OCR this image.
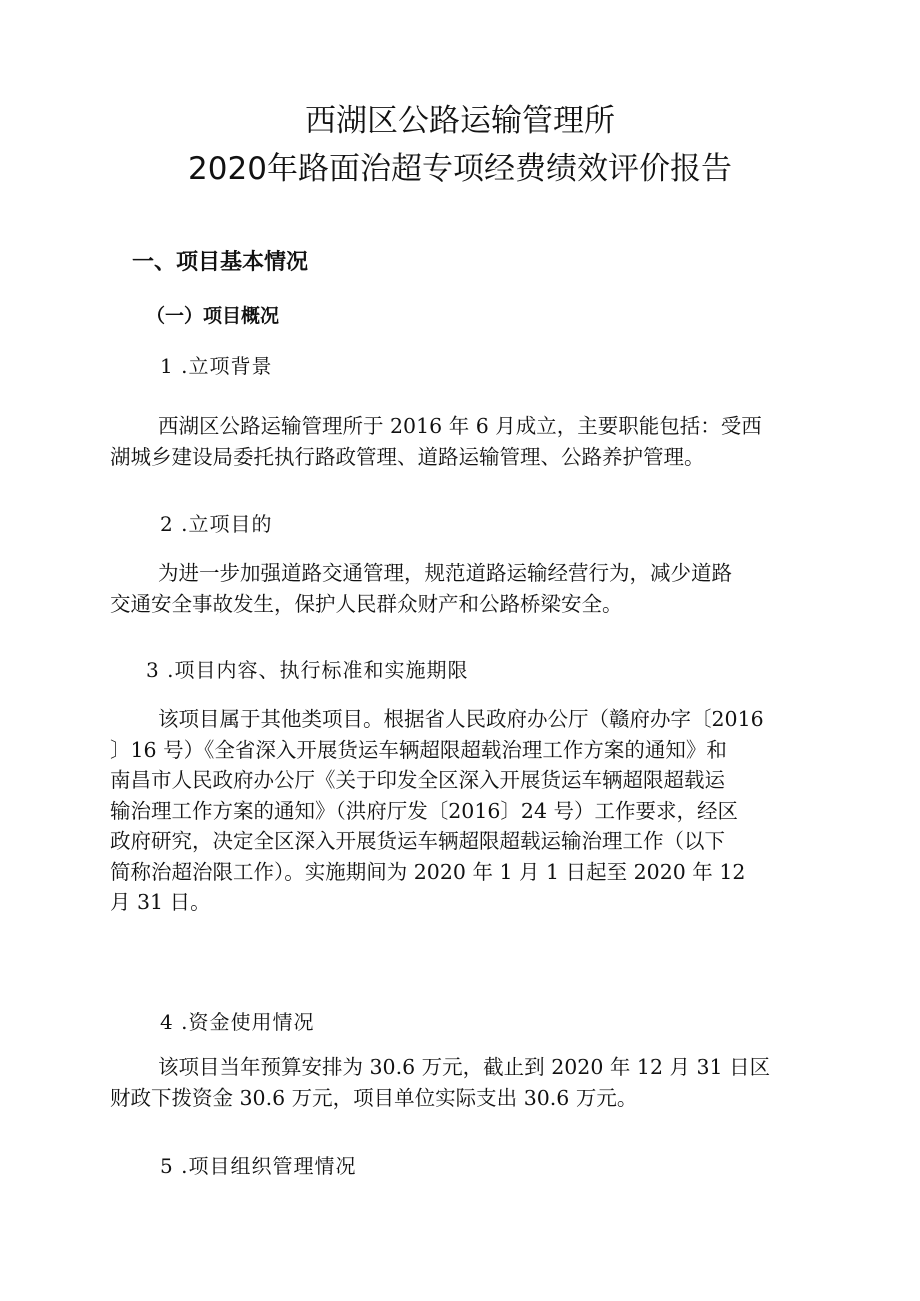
西湖区公路运输管理所
2020年路面治超专项经费绩效评价报告
一、项目基本情况
（一）项目概况
1 .立项背景
西湖区公路运输管理所于 2016 年 6 月成立，主要职能包括：受西
湖城乡建设局委托执行路政管理、道路运输管理、公路养护管理。
2 .立项目的
为进一步加强道路交通管理，规范道路运输经营行为，减少道路
交通安全事故发生，保护人民群众财产和公路桥梁安全。
3 .项目内容、执行标准和实施期限
该项目属于其他类项目。根据省人民政府办公厅（赣府办字〔2016
〕16 号）《全省深入开展货运车辆超限超载治理工作方案的通知》和
南昌市人民政府办公厅《关于印发全区深入开展货运车辆超限超载运
输治理工作方案的通知》（洪府厅发〔2016〕24 号）工作要求，经区
政府研究，决定全区深入开展货运车辆超限超载运输治理工作（以下
简称治超治限工作）。实施期间为 2020 年 1 月 1 日起至 2020 年 12
月 31 日。
4 .资金使用情况
该项目当年预算安排为 30.6 万元，截止到 2020 年 12 月 31 日区
财政下拨资金 30.6 万元，项目单位实际支出 30.6 万元。
5 .项目组织管理情况
